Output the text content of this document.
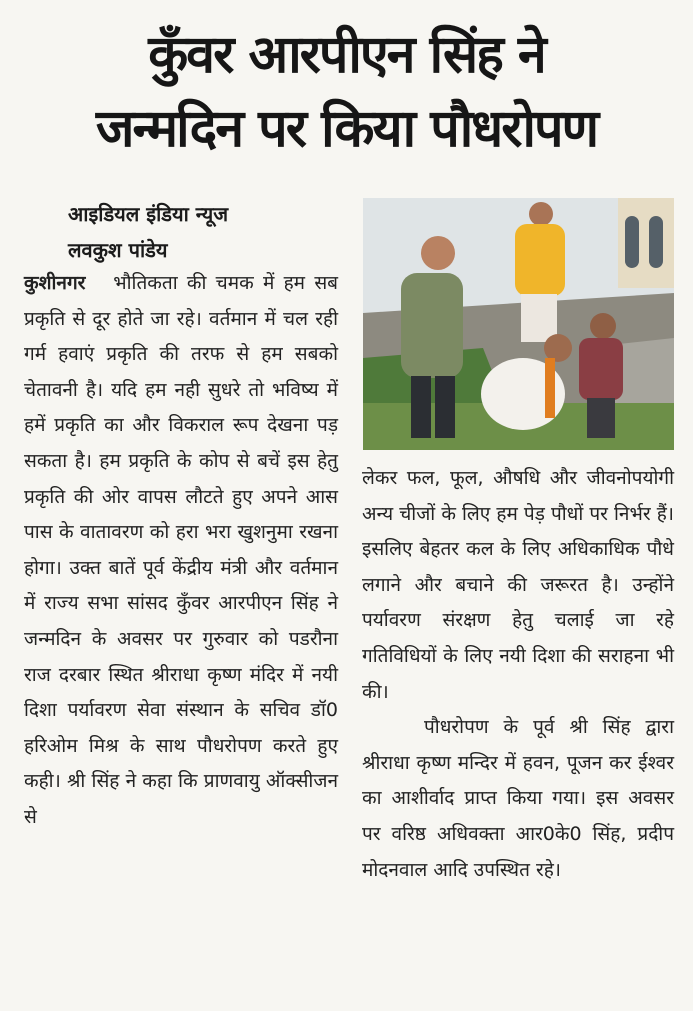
कुँवर आरपीएन सिंह ने
जन्मदिन पर किया पौधरोपण
आइडियल इंडिया न्यूज
लवकुश पांडेय

कुशीनगर भौतिकता की चमक में हम सब प्रकृति से दूर होते जा रहे। वर्तमान में चल रही गर्म हवाएं प्रकृति की तरफ से हम सबको चेतावनी है। यदि हम नही सुधरे तो भविष्य में हमें प्रकृति का और विकराल रूप देखना पड़ सकता है। हम प्रकृति के कोप से बचें इस हेतु प्रकृति की ओर वापस लौटते हुए अपने आस पास के वातावरण को हरा भरा खुशनुमा रखना होगा। उक्त बातें पूर्व केंद्रीय मंत्री और वर्तमान में राज्य सभा सांसद कुँवर आरपीएन सिंह ने जन्मदिन के अवसर पर गुरुवार को पडरौना राज दरबार स्थित श्रीराधा कृष्ण मंदिर में नयी दिशा पर्यावरण सेवा संस्थान के सचिव डॉ0 हरिओम मिश्र के साथ पौधरोपण करते हुए कही। श्री सिंह ने कहा कि प्राणवायु ऑक्सीजन से

लेकर फल, फूल, औषधि और जीवनोपयोगी अन्य चीजों के लिए हम पेड़ पौधों पर निर्भर हैं। इसलिए बेहतर कल के लिए अधिकाधिक पौधे लगाने और बचाने की जरूरत है। उन्होंने पर्यावरण संरक्षण हेतु चलाई जा रहे गतिविधियों के लिए नयी दिशा की सराहना भी की।

पौधरोपण के पूर्व श्री सिंह द्वारा श्रीराधा कृष्ण मन्दिर में हवन, पूजन कर ईश्वर का आशीर्वाद प्राप्त किया गया। इस अवसर पर वरिष्ठ अधिवक्ता आर0के0 सिंह, प्रदीप मोदनवाल आदि उपस्थित रहे।
